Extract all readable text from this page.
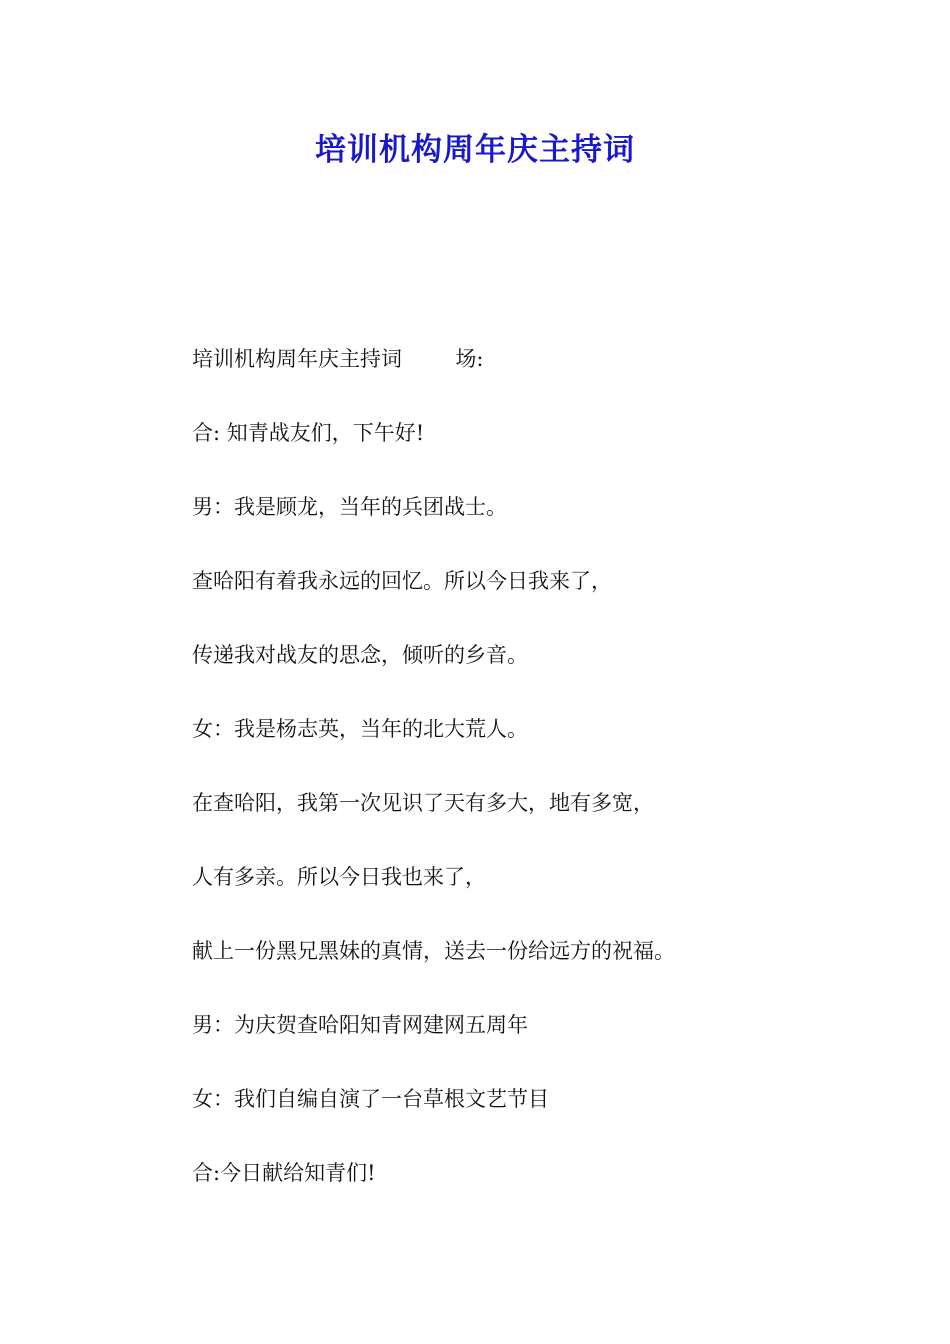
培训机构周年庆主持词
培训机构周年庆主持词        场:
合: 知青战友们，下午好!
男：我是顾龙，当年的兵团战士。
查哈阳有着我永远的回忆。所以今日我来了，
传递我对战友的思念，倾听的乡音。
女：我是杨志英，当年的北大荒人。
在查哈阳，我第一次见识了天有多大，地有多宽，
人有多亲。所以今日我也来了，
献上一份黑兄黑妹的真情，送去一份给远方的祝福。
男：为庆贺查哈阳知青网建网五周年
女：我们自编自演了一台草根文艺节目
合:今日献给知青们!
